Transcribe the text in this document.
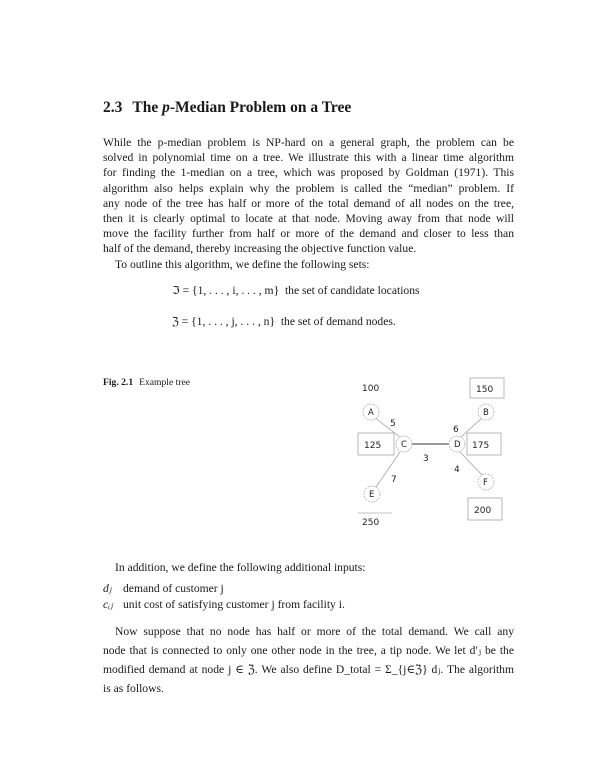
2.3 The p-Median Problem on a Tree
While the p-median problem is NP-hard on a general graph, the problem can be
solved in polynomial time on a tree. We illustrate this with a linear time algorithm
for finding the 1-median on a tree, which was proposed by Goldman (1971). This
algorithm also helps explain why the problem is called the “median” problem. If
any node of the tree has half or more of the total demand of all nodes on the tree,
then it is clearly optimal to locate at that node. Moving away from that node will
move the facility further from half or more of the demand and closer to less than
half of the demand, thereby increasing the objective function value.
To outline this algorithm, we define the following sets:
ℑ = {1, . . . , i, . . . , m} the set of candidate locations
ℨ = {1, . . . , j, . . . , n} the set of demand nodes.
Fig. 2.1 Example tree
100	150
125	175
200
250
5
3
6
4
7
A	B
C	D
E
F
In addition, we define the following additional inputs:
dⱼ demand of customer j
cᵢⱼ unit cost of satisfying customer j from facility i.
Now suppose that no node has half or more of the total demand. We call any
node that is connected to only one other node in the tree, a tip node. We let d′ⱼ be the
modified demand at node j ∈ ℨ. We also define D_total = Σ_{j∈ℨ} dⱼ. The algorithm
is as follows.
